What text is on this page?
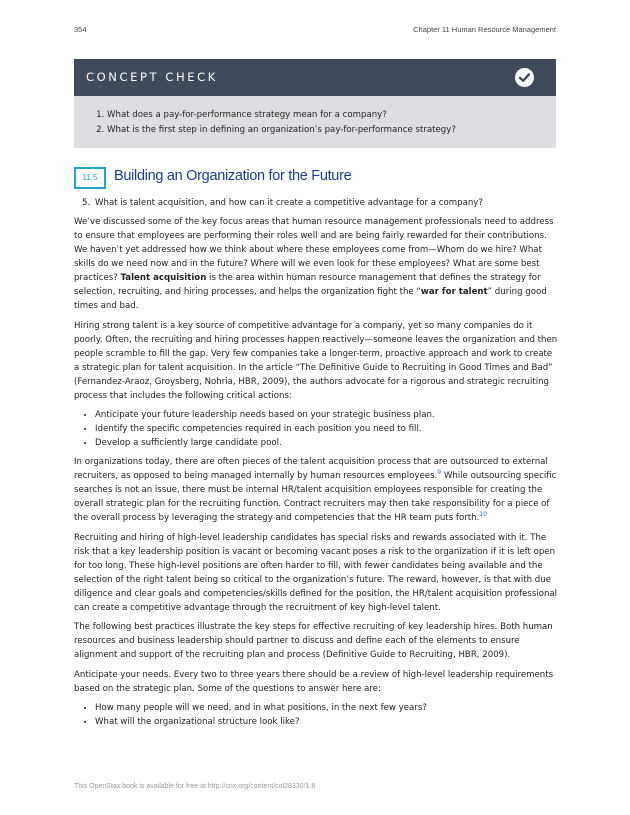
354	Chapter 11 Human Resource Management
CONCEPT CHECK
1. What does a pay-for-performance strategy mean for a company?
2. What is the first step in defining an organization’s pay-for-performance strategy?
11.5	Building an Organization for the Future
5. What is talent acquisition, and how can it create a competitive advantage for a company?

We’ve discussed some of the key focus areas that human resource management professionals need to address to ensure that employees are performing their roles well and are being fairly rewarded for their contributions. We haven’t yet addressed how we think about where these employees come from—Whom do we hire? What skills do we need now and in the future? Where will we even look for these employees? What are some best practices? Talent acquisition is the area within human resource management that defines the strategy for selection, recruiting, and hiring processes, and helps the organization fight the “war for talent” during good times and bad.

Hiring strong talent is a key source of competitive advantage for a company, yet so many companies do it poorly. Often, the recruiting and hiring processes happen reactively—someone leaves the organization and then people scramble to fill the gap. Very few companies take a longer-term, proactive approach and work to create a strategic plan for talent acquisition. In the article “The Definitive Guide to Recruiting in Good Times and Bad” (Fernandez-Araoz, Groysberg, Nohria, HBR, 2009), the authors advocate for a rigorous and strategic recruiting process that includes the following critical actions:

• Anticipate your future leadership needs based on your strategic business plan.
• Identify the specific competencies required in each position you need to fill.
• Develop a sufficiently large candidate pool.

In organizations today, there are often pieces of the talent acquisition process that are outsourced to external recruiters, as opposed to being managed internally by human resources employees.$^9$ While outsourcing specific searches is not an issue, there must be internal HR/talent acquisition employees responsible for creating the overall strategic plan for the recruiting function. Contract recruiters may then take responsibility for a piece of the overall process by leveraging the strategy and competencies that the HR team puts forth.$^{10}$

Recruiting and hiring of high-level leadership candidates has special risks and rewards associated with it. The risk that a key leadership position is vacant or becoming vacant poses a risk to the organization if it is left open for too long. These high-level positions are often harder to fill, with fewer candidates being available and the selection of the right talent being so critical to the organization’s future. The reward, however, is that with due diligence and clear goals and competencies/skills defined for the position, the HR/talent acquisition professional can create a competitive advantage through the recruitment of key high-level talent.

The following best practices illustrate the key steps for effective recruiting of key leadership hires. Both human resources and business leadership should partner to discuss and define each of the elements to ensure alignment and support of the recruiting plan and process (Definitive Guide to Recruiting, HBR, 2009).

Anticipate your needs. Every two to three years there should be a review of high-level leadership requirements based on the strategic plan. Some of the questions to answer here are:

• How many people will we need, and in what positions, in the next few years?
• What will the organizational structure look like?
This OpenStax book is available for free at http://cnx.org/content/col28330/1.8
